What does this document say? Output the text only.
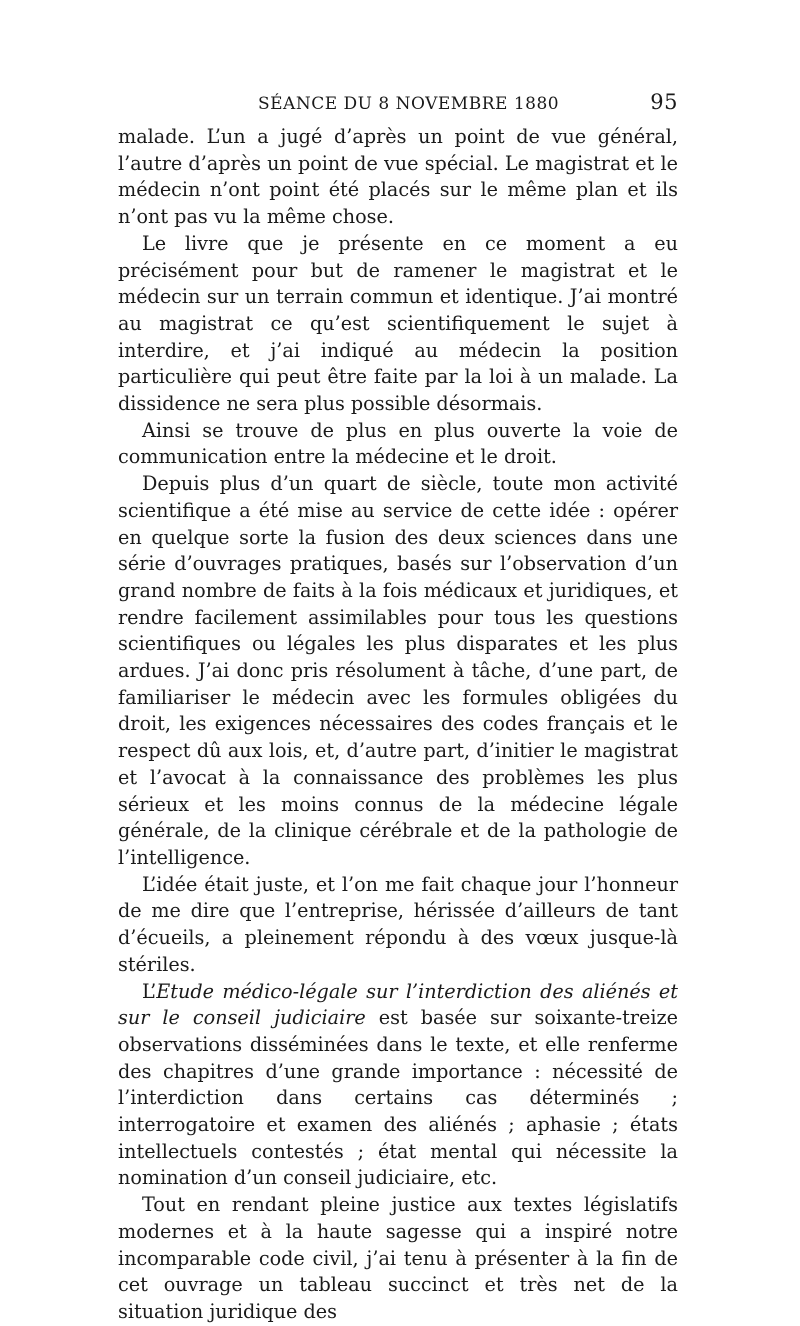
SÉANCE DU 8 NOVEMBRE 1880	95

malade. L’un a jugé d’après un point de vue général, l’autre d’après un point de vue spécial. Le magistrat et le médecin n’ont point été placés sur le même plan et ils n’ont pas vu la même chose.

Le livre que je présente en ce moment a eu précisément pour but de ramener le magistrat et le médecin sur un terrain commun et identique. J’ai montré au magistrat ce qu’est scientifiquement le sujet à interdire, et j’ai indiqué au médecin la position particulière qui peut être faite par la loi à un malade. La dissidence ne sera plus possible désormais.

Ainsi se trouve de plus en plus ouverte la voie de communication entre la médecine et le droit.

Depuis plus d’un quart de siècle, toute mon activité scientifique a été mise au service de cette idée : opérer en quelque sorte la fusion des deux sciences dans une série d’ouvrages pratiques, basés sur l’observation d’un grand nombre de faits à la fois médicaux et juridiques, et rendre facilement assimilables pour tous les questions scientifiques ou légales les plus disparates et les plus ardues. J’ai donc pris résolument à tâche, d’une part, de familiariser le médecin avec les formules obligées du droit, les exigences nécessaires des codes français et le respect dû aux lois, et, d’autre part, d’initier le magistrat et l’avocat à la connaissance des problèmes les plus sérieux et les moins connus de la médecine légale générale, de la clinique cérébrale et de la pathologie de l’intelligence.

L’idée était juste, et l’on me fait chaque jour l’honneur de me dire que l’entreprise, hérissée d’ailleurs de tant d’écueils, a pleinement répondu à des vœux jusque-là stériles.

L’Etude médico-légale sur l’interdiction des aliénés et sur le conseil judiciaire est basée sur soixante-treize observations disséminées dans le texte, et elle renferme des chapitres d’une grande importance : nécessité de l’interdiction dans certains cas déterminés ; interrogatoire et examen des aliénés ; aphasie ; états intellectuels contestés ; état mental qui nécessite la nomination d’un conseil judiciaire, etc.

Tout en rendant pleine justice aux textes législatifs modernes et à la haute sagesse qui a inspiré notre incomparable code civil, j’ai tenu à présenter à la fin de cet ouvrage un tableau succinct et très net de la situation juridique des
